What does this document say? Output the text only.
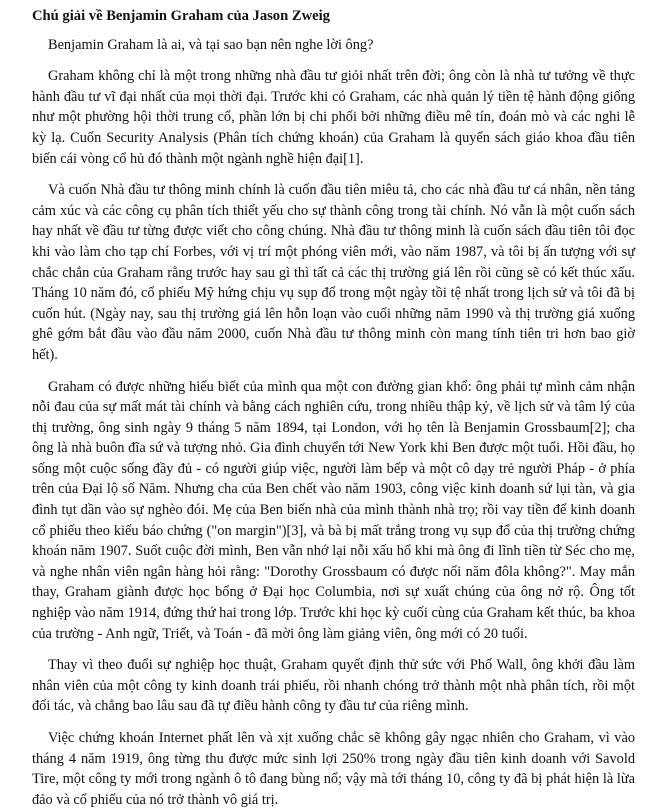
Chú giải về Benjamin Graham của Jason Zweig
Benjamin Graham là ai, và tại sao bạn nên nghe lời ông?

Graham không chỉ là một trong những nhà đầu tư giỏi nhất trên đời; ông còn là nhà tư tưởng về thực hành đầu tư vĩ đại nhất của mọi thời đại. Trước khi có Graham, các nhà quản lý tiền tệ hành động giống như một phường hội thời trung cổ, phần lớn bị chi phối bởi những điều mê tín, đoán mò và các nghi lễ kỳ lạ. Cuốn Security Analysis (Phân tích chứng khoán) của Graham là quyển sách giáo khoa đầu tiên biến cái vòng cổ hủ đó thành một ngành nghề hiện đại[1].

Và cuốn Nhà đầu tư thông minh chính là cuốn đầu tiên miêu tả, cho các nhà đầu tư cá nhân, nền tảng cảm xúc và các công cụ phân tích thiết yếu cho sự thành công trong tài chính. Nó vẫn là một cuốn sách hay nhất về đầu tư từng được viết cho công chúng. Nhà đầu tư thông minh là cuốn sách đầu tiên tôi đọc khi vào làm cho tạp chí Forbes, với vị trí một phóng viên mới, vào năm 1987, và tôi bị ấn tượng với sự chắc chắn của Graham rằng trước hay sau gì thì tất cả các thị trường giá lên rồi cũng sẽ có kết thúc xấu. Tháng 10 năm đó, cổ phiếu Mỹ hứng chịu vụ sụp đổ trong một ngày tồi tệ nhất trong lịch sử và tôi đã bị cuốn hút. (Ngày nay, sau thị trường giá lên hỗn loạn vào cuối những năm 1990 và thị trường giá xuống ghê gớm bắt đầu vào đầu năm 2000, cuốn Nhà đầu tư thông minh còn mang tính tiên tri hơn bao giờ hết).

Graham có được những hiểu biết của mình qua một con đường gian khổ: ông phải tự mình cảm nhận nỗi đau của sự mất mát tài chính và bằng cách nghiên cứu, trong nhiều thập kỷ, về lịch sử và tâm lý của thị trường, ông sinh ngày 9 tháng 5 năm 1894, tại London, với họ tên là Benjamin Grossbaum[2]; cha ông là nhà buôn đĩa sứ và tượng nhỏ. Gia đình chuyển tới New York khi Ben được một tuổi. Hồi đầu, họ sống một cuộc sống đầy đủ - có người giúp việc, người làm bếp và một cô dạy trẻ người Pháp - ở phía trên của Đại lộ số Năm. Nhưng cha của Ben chết vào năm 1903, công việc kinh doanh sứ lụi tàn, và gia đình tụt dần vào sự nghèo đói. Mẹ của Ben biến nhà của mình thành nhà trọ; rồi vay tiền để kinh doanh cổ phiếu theo kiểu báo chứng ("on margin")[3], và bà bị mất trắng trong vụ sụp đổ của thị trường chứng khoán năm 1907. Suốt cuộc đời mình, Ben vẫn nhớ lại nỗi xấu hổ khi mà ông đi lĩnh tiền từ Séc cho mẹ, và nghe nhân viên ngân hàng hỏi rằng: "Dorothy Grossbaum có được nổi năm đôla không?". May mắn thay, Graham giành được học bổng ở Đại học Columbia, nơi sự xuất chúng của ông nở rộ. Ông tốt nghiệp vào năm 1914, đứng thứ hai trong lớp. Trước khi học kỳ cuối cùng của Graham kết thúc, ba khoa của trường - Anh ngữ, Triết, và Toán - đã mời ông làm giảng viên, ông mới có 20 tuổi.

Thay vì theo đuổi sự nghiệp học thuật, Graham quyết định thử sức với Phố Wall, ông khởi đầu làm nhân viên của một công ty kinh doanh trái phiếu, rồi nhanh chóng trở thành một nhà phân tích, rồi một đối tác, và chẳng bao lâu sau đã tự điều hành công ty đầu tư của riêng mình.

Việc chứng khoán Internet phất lên và xịt xuống chắc sẽ không gây ngạc nhiên cho Graham, vì vào tháng 4 năm 1919, ông từng thu được mức sinh lợi 250% trong ngày đầu tiên kinh doanh với Savold Tire, một công ty mới trong ngành ô tô đang bùng nổ; vậy mà tới tháng 10, công ty đã bị phát hiện là lừa đảo và cổ phiếu của nó trở thành vô giá trị.
